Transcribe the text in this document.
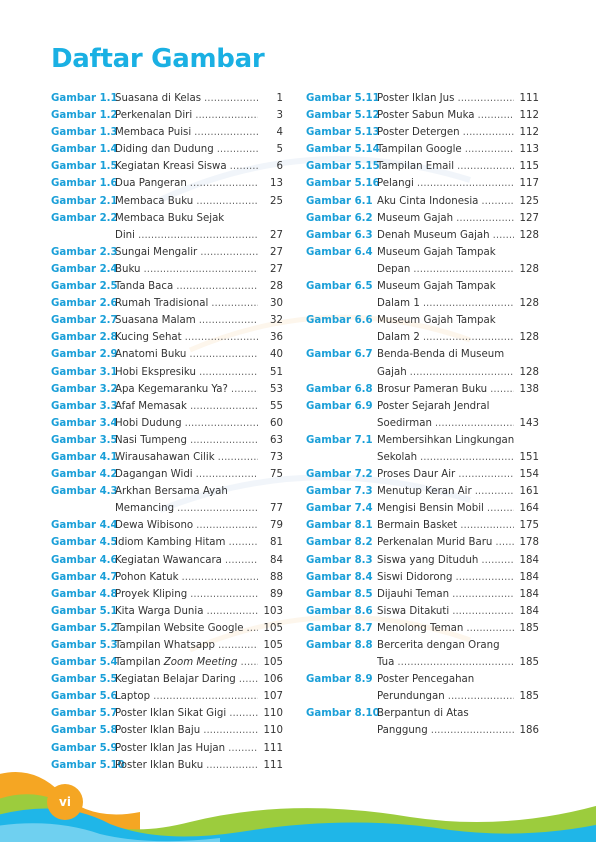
Daftar Gambar
Gambar 1.1
Suasana di Kelas .....	1
Gambar 1.2
Perkenalan Diri .....	3
Gambar 1.3
Membaca Puisi .....	4
Gambar 1.4
Diding dan Dudung .....	5
Gambar 1.5
Kegiatan Kreasi Siswa .....	6
Gambar 1.6
Dua Pangeran .....	13
Gambar 2.1
Membaca Buku .....	25
Gambar 2.2
Membaca Buku Sejak
Dini .....	27
Gambar 2.3
Sungai Mengalir .....	27
Gambar 2.4
Buku .....	27
Gambar 2.5
Tanda Baca .....	28
Gambar 2.6
Rumah Tradisional .....	30
Gambar 2.7
Suasana Malam .....	32
Gambar 2.8
Kucing Sehat .....	36
Gambar 2.9
Anatomi Buku .....	40
Gambar 3.1
Hobi Ekspresiku .....	51
Gambar 3.2
Apa Kegemaranku Ya? .....	53
Gambar 3.3
Afaf Memasak .....	55
Gambar 3.4
Hobi Dudung .....	60
Gambar 3.5
Nasi Tumpeng .....	63
Gambar 4.1
Wirausahawan Cilik .....	73
Gambar 4.2
Dagangan Widi .....	75
Gambar 4.3
Arkhan Bersama Ayah
Memancing .....	77
Gambar 4.4
Dewa Wibisono .....	79
Gambar 4.5
Idiom Kambing Hitam .....	81
Gambar 4.6
Kegiatan Wawancara .....	84
Gambar 4.7
Pohon Katuk .....	88
Gambar 4.8
Proyek Kliping .....	89
Gambar 5.1
Kita Warga Dunia .....	103
Gambar 5.2
Tampilan Website Google ..... 105
Gambar 5.3
Tampilan Whatsapp .....	105
Gambar 5.4
Tampilan Zoom Meeting .....	105
Gambar 5.5
Kegiatan Belajar Daring .....	106
Gambar 5.6
Laptop .....	107
Gambar 5.7
Poster Iklan Sikat Gigi .....	110
Gambar 5.8
Poster Iklan Baju .....	110
Gambar 5.9
Poster Iklan Jas Hujan .....	111
Gambar 5.10
Poster Iklan Buku .....	111
Gambar 5.11
Poster Iklan Jus .....	111
Gambar 5.12
Poster Sabun Muka .....	112
Gambar 5.13
Poster Detergen .....	112
Gambar 5.14
Tampilan Google .....	113
Gambar 5.15
Tampilan Email .....	115
Gambar 5.16
Pelangi .....	117
Gambar 6.1 Aku Cinta Indonesia .....	125
Gambar 6.2 Museum Gajah .....	127
Gambar 6.3 Denah Museum Gajah .....	128
Gambar 6.4 Museum Gajah Tampak
Depan .....	128
Gambar 6.5 Museum Gajah Tampak
Dalam 1 .....	128
Gambar 6.6 Museum Gajah Tampak
Dalam 2 .....	128
Gambar 6.7 Benda-Benda di Museum
Gajah .....	128
Gambar 6.8 Brosur Pameran Buku .....	138
Gambar 6.9 Poster Sejarah Jendral
Soedirman .....	143
Gambar 7.1 Membersihkan Lingkungan
Sekolah .....	151
Gambar 7.2 Proses Daur Air .....	154
Gambar 7.3 Menutup Keran Air .....	161
Gambar 7.4 Mengisi Bensin Mobil .....	164
Gambar 8.1 Bermain Basket .....	175
Gambar 8.2 Perkenalan Murid Baru .....	178
Gambar 8.3 Siswa yang Dituduh .....	184
Gambar 8.4 Siswi Didorong .....	184
Gambar 8.5 Dijauhi Teman .....	184
Gambar 8.6 Siswa Ditakuti .....	184
Gambar 8.7 Menolong Teman .....	185
Gambar 8.8 Bercerita dengan Orang
Tua .....	185
Gambar 8.9 Poster Pencegahan
Perundungan .....	185
Gambar 8.10
Berpantun di Atas
Panggung .....	186
vi
